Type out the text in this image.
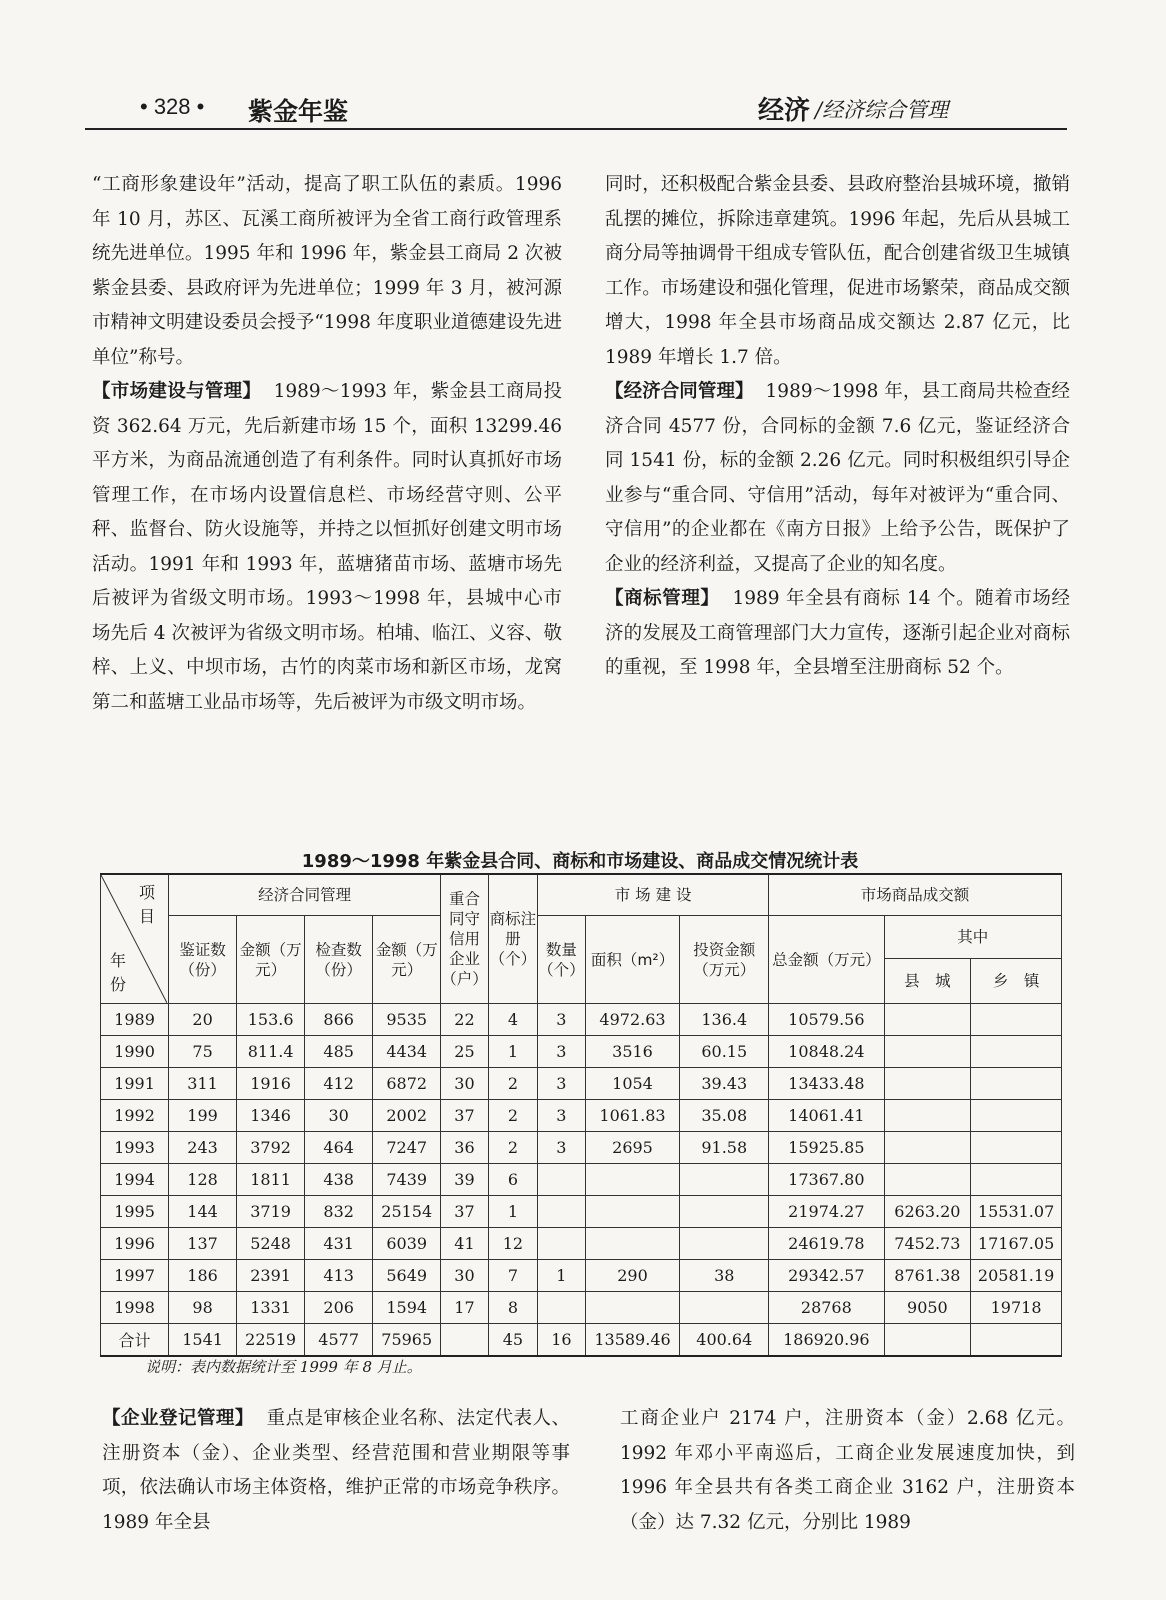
• 328 • 紫金年鉴	经济 /经济综合管理

“工商形象建设年”活动，提高了职工队伍的素质。1996 年 10 月，苏区、瓦溪工商所被评为全省工商行政管理系统先进单位。1995 年和 1996 年，紫金县工商局 2 次被紫金县委、县政府评为先进单位；1999 年 3 月，被河源市精神文明建设委员会授予“1998 年度职业道德建设先进单位”称号。

【市场建设与管理】 1989～1993 年，紫金县工商局投资 362.64 万元，先后新建市场 15 个，面积 13299.46 平方米，为商品流通创造了有利条件。同时认真抓好市场管理工作，在市场内设置信息栏、市场经营守则、公平秤、监督台、防火设施等，并持之以恒抓好创建文明市场活动。1991 年和 1993 年，蓝塘猪苗市场、蓝塘市场先后被评为省级文明市场。1993～1998 年，县城中心市场先后 4 次被评为省级文明市场。柏埔、临江、义容、敬梓、上义、中坝市场，古竹的肉菜市场和新区市场，龙窝第二和蓝塘工业品市场等，先后被评为市级文明市场。

同时，还积极配合紫金县委、县政府整治县城环境，撤销乱摆的摊位，拆除违章建筑。1996 年起，先后从县城工商分局等抽调骨干组成专管队伍，配合创建省级卫生城镇工作。市场建设和强化管理，促进市场繁荣，商品成交额增大，1998 年全县市场商品成交额达 2.87 亿元，比 1989 年增长 1.7 倍。

【经济合同管理】 1989～1998 年，县工商局共检查经济合同 4577 份，合同标的金额 7.6 亿元，鉴证经济合同 1541 份，标的金额 2.26 亿元。同时积极组织引导企业参与“重合同、守信用”活动，每年对被评为“重合同、守信用”的企业都在《南方日报》上给予公告，既保护了企业的经济利益，又提高了企业的知名度。

【商标管理】 1989 年全县有商标 14 个。随着市场经济的发展及工商管理部门大力宣传，逐渐引起企业对商标的重视，至 1998 年，全县增至注册商标 52 个。

1989～1998 年紫金县合同、商标和市场建设、商品成交情况统计表
项目
年份	经济合同管理				重合同守信用企业（户）	商标注册（个）	市 场 建 设			市场商品成交额		
	鉴证数（份）	金额（万元）	检查数（份）	金额（万元）			数量（个）	面积（m²）	投资金额（万元）	总金额（万元）	其中	
											县　城	乡　镇
1989	20	153.6	866	9535	22	4	3	4972.63	136.4	10579.56		
1990	75	811.4	485	4434	25	1	3	3516	60.15	10848.24		
1991	311	1916	412	6872	30	2	3	1054	39.43	13433.48		
1992	199	1346	30	2002	37	2	3	1061.83	35.08	14061.41		
1993	243	3792	464	7247	36	2	3	2695	91.58	15925.85		
1994	128	1811	438	7439	39	6				17367.80		
1995	144	3719	832	25154	37	1				21974.27	6263.20	15531.07
1996	137	5248	431	6039	41	12				24619.78	7452.73	17167.05
1997	186	2391	413	5649	30	7	1	290	38	29342.57	8761.38	20581.19
1998	98	1331	206	1594	17	8				28768	9050	19718
合计	1541	22519	4577	75965		45	16	13589.46	400.64	186920.96		
说明：表内数据统计至 1999 年 8 月止。

【企业登记管理】 重点是审核企业名称、法定代表人、注册资本（金）、企业类型、经营范围和营业期限等事项，依法确认市场主体资格，维护正常的市场竞争秩序。1989 年全县

工商企业户 2174 户，注册资本（金）2.68 亿元。1992 年邓小平南巡后，工商企业发展速度加快，到 1996 年全县共有各类工商企业 3162 户，注册资本（金）达 7.32 亿元，分别比 1989
